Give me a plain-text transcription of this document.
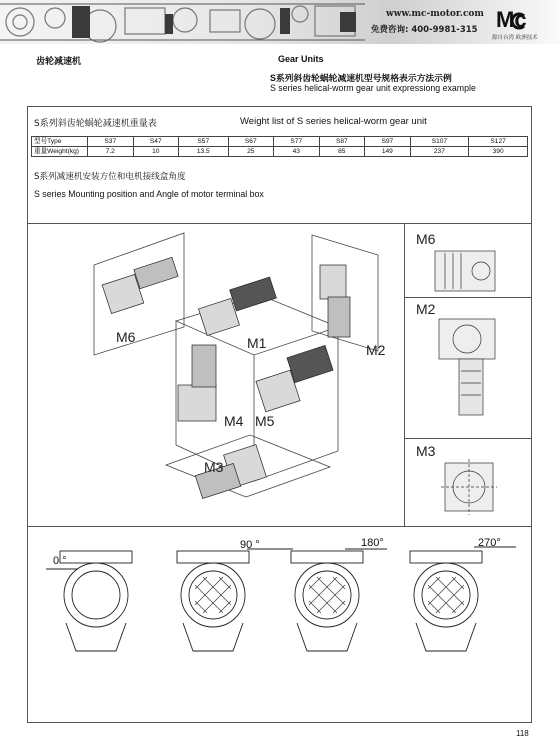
www.mc-motor.com
免费咨询: 400-9981-315 Mc
源自台湾 欧洲技术
齿轮减速机	Gear Units
S系列斜齿轮蜗轮减速机型号规格表示方法示例
S series helical-worm gear unit expressiong example
S系列斜齿轮蜗轮减速机重量表	Weight list of S series helical-worm gear unit
型号Type	S37	S47	S57	S67	S77	S87	S97	S107	S127
重量Weight(kg)	7.2	10	13.5	25	43	85	149	237	390
S系列减速机安装方位和电机接线盒角度
S series Mounting position and Angle of motor terminal box
M6	M1	M2
M4 M5
M3
M6
M2
M3
0 °
90 °	180°	270°
118
